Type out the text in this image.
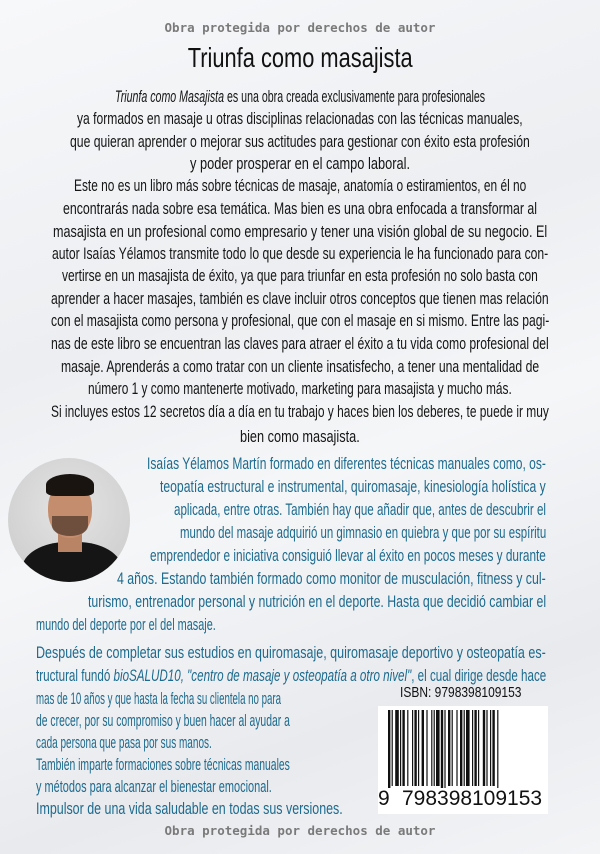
Obra protegida por derechos de autor
Triunfa como masajista
Triunfa como Masajista es una obra creada exclusivamente para profesionales
ya formados en masaje u otras disciplinas relacionadas con las técnicas manuales,
que quieran aprender o mejorar sus actitudes para gestionar con éxito esta profesión
y poder prosperar en el campo laboral.
Este no es un libro más sobre técnicas de masaje, anatomía o estiramientos, en él no
encontrarás nada sobre esa temática. Mas bien es una obra enfocada a transformar al
masajista en un profesional como empresario y tener una visión global de su negocio. El
autor Isaías Yélamos transmite todo lo que desde su experiencia le ha funcionado para con-
vertirse en un masajista de éxito, ya que para triunfar en esta profesión no solo basta con
aprender a hacer masajes, también es clave incluir otros conceptos que tienen mas relación
con el masajista como persona y profesional, que con el masaje en si mismo. Entre las pagi-
nas de este libro se encuentran las claves para atraer el éxito a tu vida como profesional del
masaje. Aprenderás a como tratar con un cliente insatisfecho, a tener una mentalidad de
número 1 y como mantenerte motivado, marketing para masajista y mucho más.
Si incluyes estos 12 secretos día a día en tu trabajo y haces bien los deberes, te puede ir muy
bien como masajista.
Isaías Yélamos Martín formado en diferentes técnicas manuales como, os-
teopatía estructural e instrumental, quiromasaje, kinesiología holística y
aplicada, entre otras. También hay que añadir que, antes de descubrir el
mundo del masaje adquirió un gimnasio en quiebra y que por su espíritu
emprendedor e iniciativa consiguió llevar al éxito en pocos meses y durante
4 años. Estando también formado como monitor de musculación, fitness y cul-
turismo, entrenador personal y nutrición en el deporte. Hasta que decidió cambiar el
mundo del deporte por el del masaje.
Después de completar sus estudios en quiromasaje, quiromasaje deportivo y osteopatía es-
tructural fundó bioSALUD10, "centro de masaje y osteopatía a otro nivel", el cual dirige desde hace
mas de 10 años y que hasta la fecha su clientela no para
de crecer, por su compromiso y buen hacer al ayudar a
cada persona que pasa por sus manos.
También imparte formaciones sobre técnicas manuales
y métodos para alcanzar el bienestar emocional.
Impulsor de una vida saludable en todas sus versiones.
ISBN: 9798398109153
9 798398 109153
Obra protegida por derechos de autor
